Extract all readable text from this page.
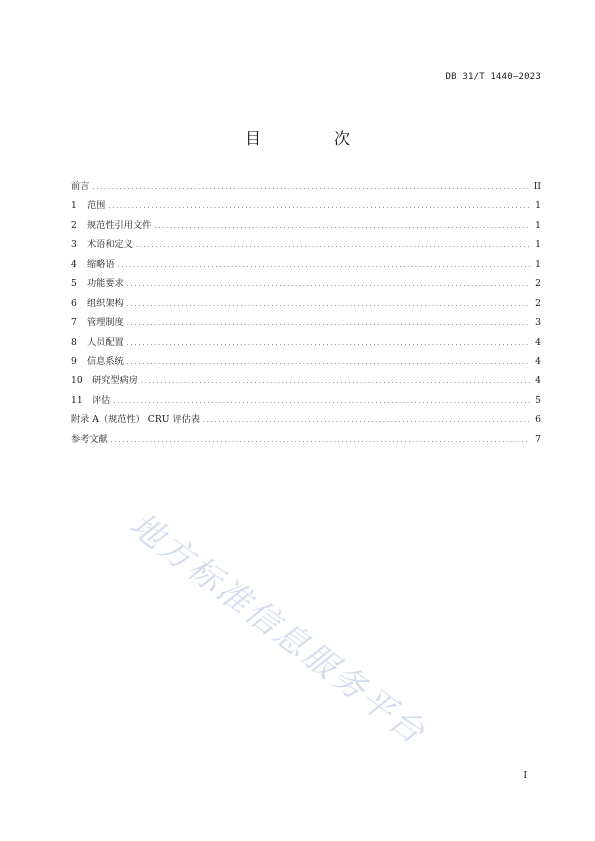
DB 31/T 1440—2023
目 次
前言 . . .	II
1	范围 . . .	1
2	规范性引用文件 . . .	1
3	术语和定义 . . .	1
4	缩略语 . . .	1
5	功能要求 . . .	2
6	组织架构 . . .	2
7	管理制度 . . .	3
8	人员配置 . . .	4
9	信息系统 . . .	4
10	研究型病房 . . .	4
11	评估 . . .	5
附录 A（规范性） CRU 评估表 . . .	6
参考文献 . . .	7
地方标准信息服务平台
I
